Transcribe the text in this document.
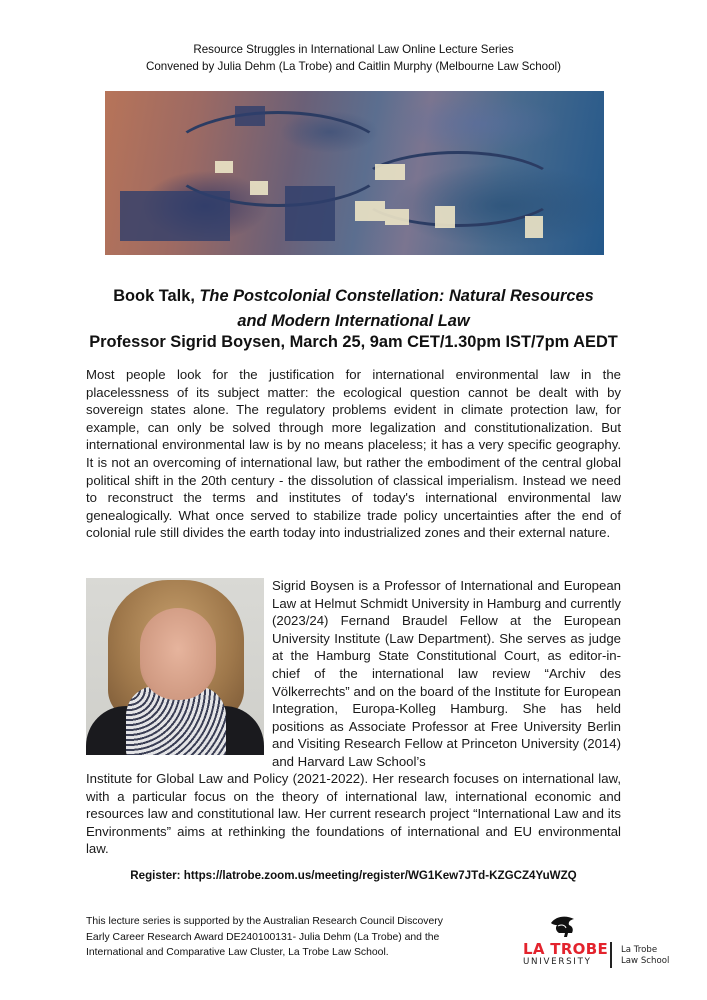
Resource Struggles in International Law Online Lecture Series
Convened by Julia Dehm (La Trobe) and Caitlin Murphy (Melbourne Law School)
Book Talk, The Postcolonial Constellation: Natural Resources
and Modern International Law
Professor Sigrid Boysen, March 25, 9am CET/1.30pm IST/7pm AEDT
Most people look for the justification for international environmental law in the placelessness of its subject matter: the ecological question cannot be dealt with by sovereign states alone. The regulatory problems evident in climate protection law, for example, can only be solved through more legalization and constitutionalization. But international environmental law is by no means placeless; it has a very specific geography. It is not an overcoming of international law, but rather the embodiment of the central global political shift in the 20th century - the dissolution of classical imperialism. Instead we need to reconstruct the terms and institutes of today's international environmental law genealogically. What once served to stabilize trade policy uncertainties after the end of colonial rule still divides the earth today into industrialized zones and their external nature.
Sigrid Boysen is a Professor of International and European Law at Helmut Schmidt University in Hamburg and currently (2023/24) Fernand Braudel Fellow at the European University Institute (Law Department). She serves as judge at the Hamburg State Constitutional Court, as editor-in-chief of the international law review “Archiv des Völkerrechts” and on the board of the Institute for European Integration, Europa-Kolleg Hamburg. She has held positions as Associate Professor at Free University Berlin and Visiting Research Fellow at Princeton University (2014) and Harvard Law School’s
Institute for Global Law and Policy (2021-2022). Her research focuses on international law, with a particular focus on the theory of international law, international economic and resources law and constitutional law. Her current research project “International Law and its Environments” aims at rethinking the foundations of international and EU environmental law.
Register: https://latrobe.zoom.us/meeting/register/WG1Kew7JTd-KZGCZ4YuWZQ
This lecture series is supported by the Australian Research Council Discovery
Early Career Research Award DE240100131- Julia Dehm (La Trobe) and the
International and Comparative Law Cluster, La Trobe Law School.	LA TROBE
UNIVERSITY
La Trobe
Law School
